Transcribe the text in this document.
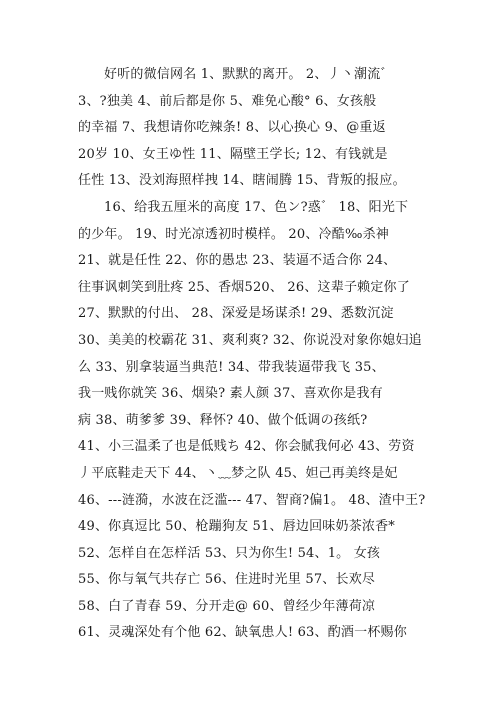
好听的微信网名 1、默默的离开。 2、丿丶潮流゛
3、?独美 4、前后都是你 5、难免心酸° 6、女孩般
的幸福 7、我想请你吃辣条! 8、以心换心 9、@重返
20岁 10、女王ゆ性 11、隔壁王学长; 12、有钱就是
任性 13、没刘海照样拽 14、瞎闹腾 15、背叛的报应。
16、给我五厘米的高度 17、色ン?惑゛ 18、阳光下
的少年。 19、时光凉透初时模样。 20、冷酷‰杀神
21、就是任性 22、你的愚忠 23、装逼不适合你 24、
往事讽刺笑到肚疼 25、香烟520、 26、这辈子赖定你了
27、默默的付出、 28、深爱是场谋杀! 29、悉数沉淀
30、美美的校霸花 31、爽利爽? 32、你说没对象你媳妇追
么 33、别拿装逼当典范! 34、带我装逼带我飞 35、
我一贱你就笑 36、烟染? 素人颜 37、喜欢你是我有
病 38、萌爹爹 39、释怀? 40、做个低调の孩纸?
41、小三温柔了也是低贱ち 42、你会腻我何必 43、劳资
丿平底鞋走天下 44、丶﹏梦之队 45、妲己再美终是妃
46、---涟漪，水波在泛滥--- 47、智商?偏1。 48、渣中王?
49、你真逗比 50、枪蹦狗友 51、唇边回味奶茶浓香*
52、怎样自在怎样活 53、只为你生! 54、1。 女孩
55、你与氧气共存亡 56、住进时光里 57、长欢尽
58、白了青春 59、分开走@ 60、曾经少年薄荷凉
61、灵魂深处有个他 62、缺氧患人! 63、酌酒一杯赐你
